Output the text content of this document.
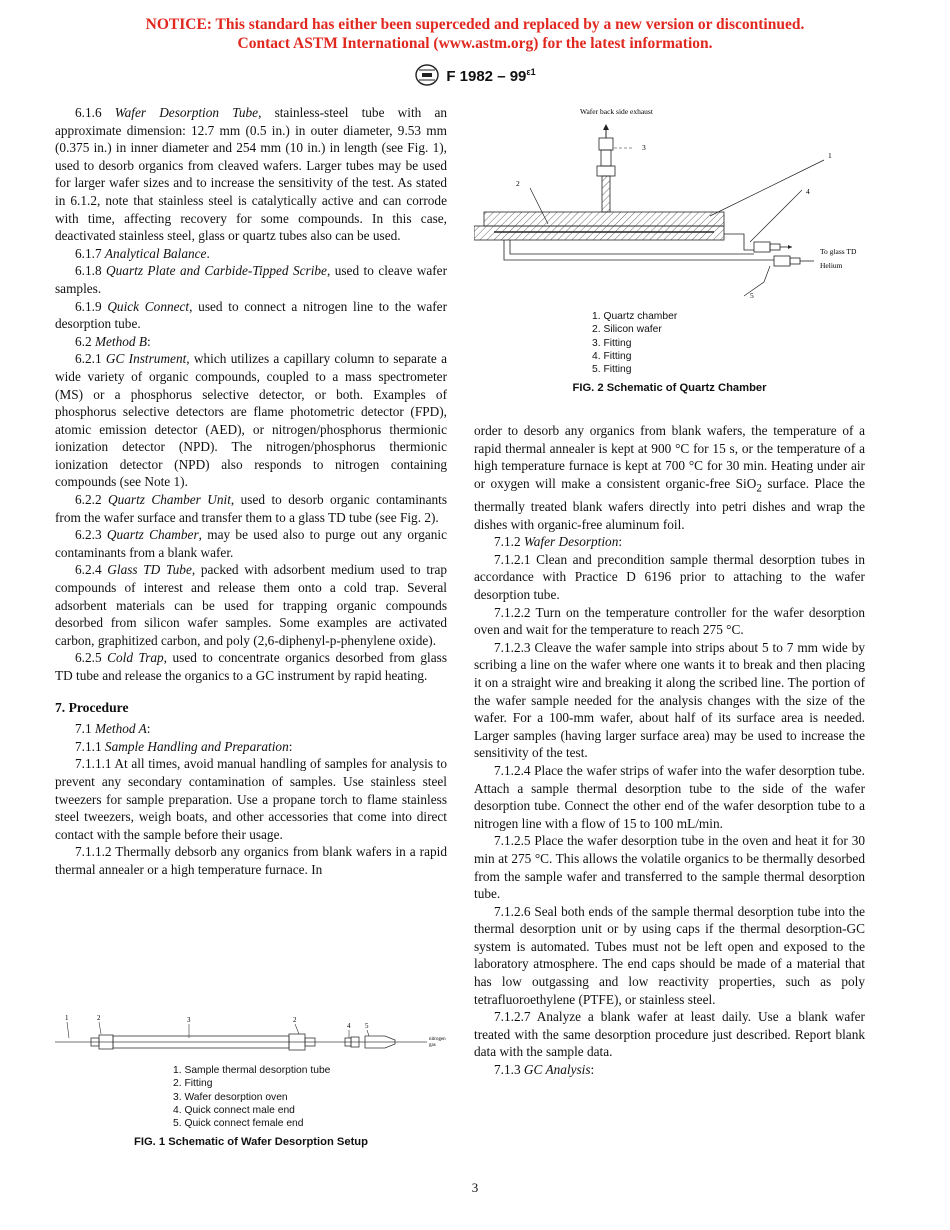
NOTICE: This standard has either been superceded and replaced by a new version or discontinued.
Contact ASTM International (www.astm.org) for the latest information.
F $1982 - 99^{\varepsilon 1}$

6.1.6 Wafer Desorption Tube, stainless-steel tube with an approximate dimension: 12.7 mm (0.5 in.) in outer diameter, 9.53 mm (0.375 in.) in inner diameter and 254 mm (10 in.) in length (see Fig. 1), used to desorb organics from cleaved wafers. Larger tubes may be used for larger wafer sizes and to increase the sensitivity of the test. As stated in 6.1.2, note that stainless steel is catalytically active and can corrode with time, affecting recovery for some compounds. In this case, deactivated stainless steel, glass or quartz tubes also can be used.

6.1.7 Analytical Balance.

6.1.8 Quartz Plate and Carbide-Tipped Scribe, used to cleave wafer samples.

6.1.9 Quick Connect, used to connect a nitrogen line to the wafer desorption tube.

6.2 Method B:

6.2.1 GC Instrument, which utilizes a capillary column to separate a wide variety of organic compounds, coupled to a mass spectrometer (MS) or a phosphorus selective detector, or both. Examples of phosphorus selective detectors are flame photometric detector (FPD), atomic emission detector (AED), or nitrogen/phosphorus thermionic ionization detector (NPD). The nitrogen/phosphorus thermionic ionization detector (NPD) also responds to nitrogen containing compounds (see Note 1).

6.2.2 Quartz Chamber Unit, used to desorb organic contaminants from the wafer surface and transfer them to a glass TD tube (see Fig. 2).

6.2.3 Quartz Chamber, may be used also to purge out any organic contaminants from a blank wafer.

6.2.4 Glass TD Tube, packed with adsorbent medium used to trap compounds of interest and release them onto a cold trap. Several adsorbent materials can be used for trapping organic compounds desorbed from silicon wafer samples. Some examples are activated carbon, graphitized carbon, and poly (2,6-diphenyl-p-phenylene oxide).

6.2.5 Cold Trap, used to concentrate organics desorbed from glass TD tube and release the organics to a GC instrument by rapid heating.

7. Procedure

7.1 Method A:

7.1.1 Sample Handling and Preparation:

7.1.1.1 At all times, avoid manual handling of samples for analysis to prevent any secondary contamination of samples. Use stainless steel tweezers for sample preparation. Use a propane torch to flame stainless steel tweezers, weigh boats, and other accessories that come into direct contact with the sample before their usage.

7.1.1.2 Thermally debsorb any organics from blank wafers in a rapid thermal annealer or a high temperature furnace. In

1	2	3	2
4 5
nitrogen
gas
1. Sample thermal desorption tube
2. Fitting
3. Wafer desorption oven
4. Quick connect male end
5. Quick connect female end
FIG. 1 Schematic of Wafer Desorption Setup
Wafer back side exhaust
3
1
2
4
To glass TD
Helium
5
1. Quartz chamber
2. Silicon wafer
3. Fitting
4. Fitting
5. Fitting
FIG. 2 Schematic of Quartz Chamber

order to desorb any organics from blank wafers, the temperature of a rapid thermal annealer is kept at 900 °C for 15 s, or the temperature of a high temperature furnace is kept at 700 °C for 30 min. Heating under air or oxygen will make a consistent organic-free SiO$_2$ surface. Place the thermally treated blank wafers directly into petri dishes and wrap the dishes with organic-free aluminum foil.

7.1.2 Wafer Desorption:

7.1.2.1 Clean and precondition sample thermal desorption tubes in accordance with Practice D 6196 prior to attaching to the wafer desorption tube.

7.1.2.2 Turn on the temperature controller for the wafer desorption oven and wait for the temperature to reach 275 °C.

7.1.2.3 Cleave the wafer sample into strips about 5 to 7 mm wide by scribing a line on the wafer where one wants it to break and then placing it on a straight wire and breaking it along the scribed line. The portion of the wafer sample needed for the analysis changes with the size of the wafer. For a 100-mm wafer, about half of its surface area is needed. Larger samples (having larger surface area) may be used to increase the sensitivity of the test.

7.1.2.4 Place the wafer strips of wafer into the wafer desorption tube. Attach a sample thermal desorption tube to the side of the wafer desorption tube. Connect the other end of the wafer desorption tube to a nitrogen line with a flow of 15 to 100 mL/min.

7.1.2.5 Place the wafer desorption tube in the oven and heat it for 30 min at 275 °C. This allows the volatile organics to be thermally desorbed from the sample wafer and transferred to the sample thermal desorption tube.

7.1.2.6 Seal both ends of the sample thermal desorption tube into the thermal desorption unit or by using caps if the thermal desorption-GC system is automated. Tubes must not be left open and exposed to the laboratory atmosphere. The end caps should be made of a material that has low outgassing and low reactivity properties, such as poly tetrafluoroethylene (PTFE), or stainless steel.

7.1.2.7 Analyze a blank wafer at least daily. Use a blank wafer treated with the same desorption procedure just described. Report blank data with the sample data.

7.1.3 GC Analysis:

3
